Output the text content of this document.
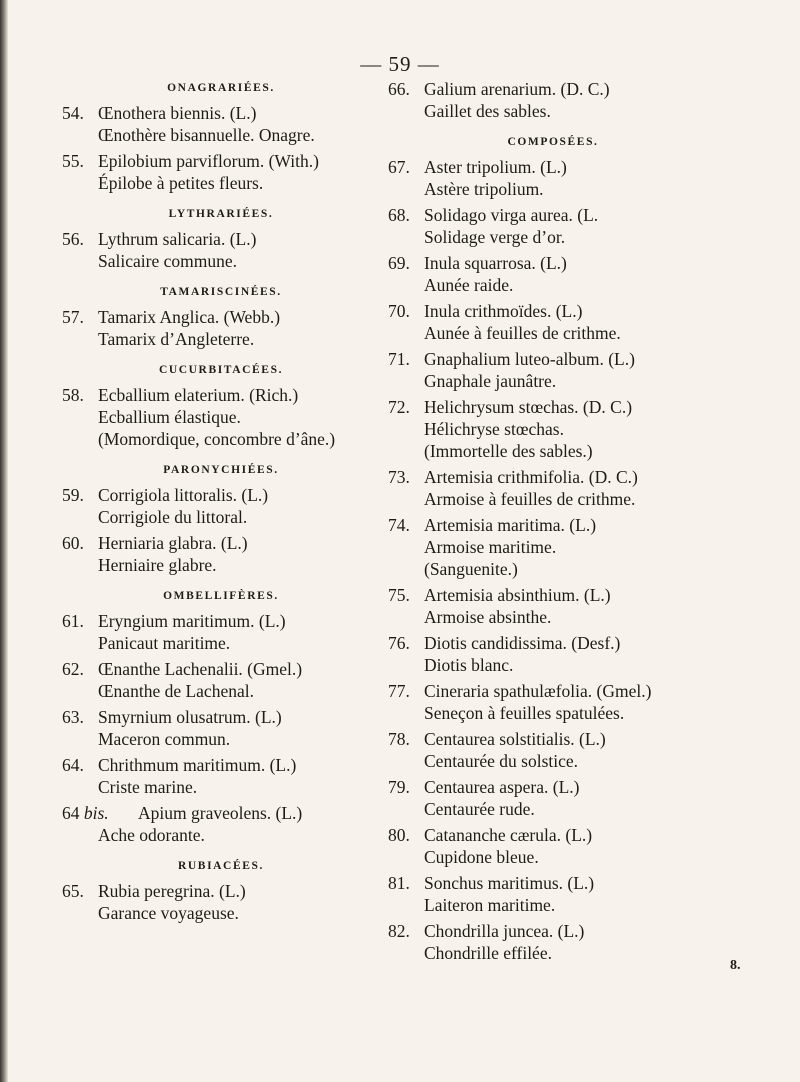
— 59 —
ONAGRARIÉES.
54. Œnothera biennis. (L.)
Œnothère bisannuelle. Onagre.
55. Epilobium parviflorum. (With.)
Épilobe à petites fleurs.
LYTHRARIÉES.
56. Lythrum salicaria. (L.)
Salicaire commune.
TAMARISCINÉES.
57. Tamarix Anglica. (Webb.)
Tamarix d’Angleterre.
CUCURBITACÉES.
58. Ecballium elaterium. (Rich.)
Ecballium élastique.
(Momordique, concombre d’âne.)
PARONYCHIÉES.
59. Corrigiola littoralis. (L.)
Corrigiole du littoral.
60. Herniaria glabra. (L.)
Herniaire glabre.
OMBELLIFÈRES.
61. Eryngium maritimum. (L.)
Panicaut maritime.
62. Œnanthe Lachenalii. (Gmel.)
Œnanthe de Lachenal.
63. Smyrnium olusatrum. (L.)
Maceron commun.
64. Chrithmum maritimum. (L.)
Criste marine.
64 bis.	Apium graveolens. (L.)
Ache odorante.
RUBIACÉES.
65. Rubia peregrina. (L.)
Garance voyageuse.
66. Galium arenarium. (D. C.)
Gaillet des sables.
COMPOSÉES.
67. Aster tripolium. (L.)
Astère tripolium.
68. Solidago virga aurea. (L.
Solidage verge d’or.
69. Inula squarrosa. (L.)
Aunée raide.
70. Inula crithmoïdes. (L.)
Aunée à feuilles de crithme.
71. Gnaphalium luteo-album. (L.)
Gnaphale jaunâtre.
72. Helichrysum stœchas. (D. C.)
Hélichryse stœchas.
(Immortelle des sables.)
73. Artemisia crithmifolia. (D. C.)
Armoise à feuilles de crithme.
74. Artemisia maritima. (L.)
Armoise maritime.
(Sanguenite.)
75. Artemisia absinthium. (L.)
Armoise absinthe.
76. Diotis candidissima. (Desf.)
Diotis blanc.
77. Cineraria spathulæfolia. (Gmel.)
Seneçon à feuilles spatulées.
78. Centaurea solstitialis. (L.)
Centaurée du solstice.
79. Centaurea aspera. (L.)
Centaurée rude.
80. Catananche cærula. (L.)
Cupidone bleue.
81. Sonchus maritimus. (L.)
Laiteron maritime.
82. Chondrilla juncea. (L.)
Chondrille effilée.
8.
